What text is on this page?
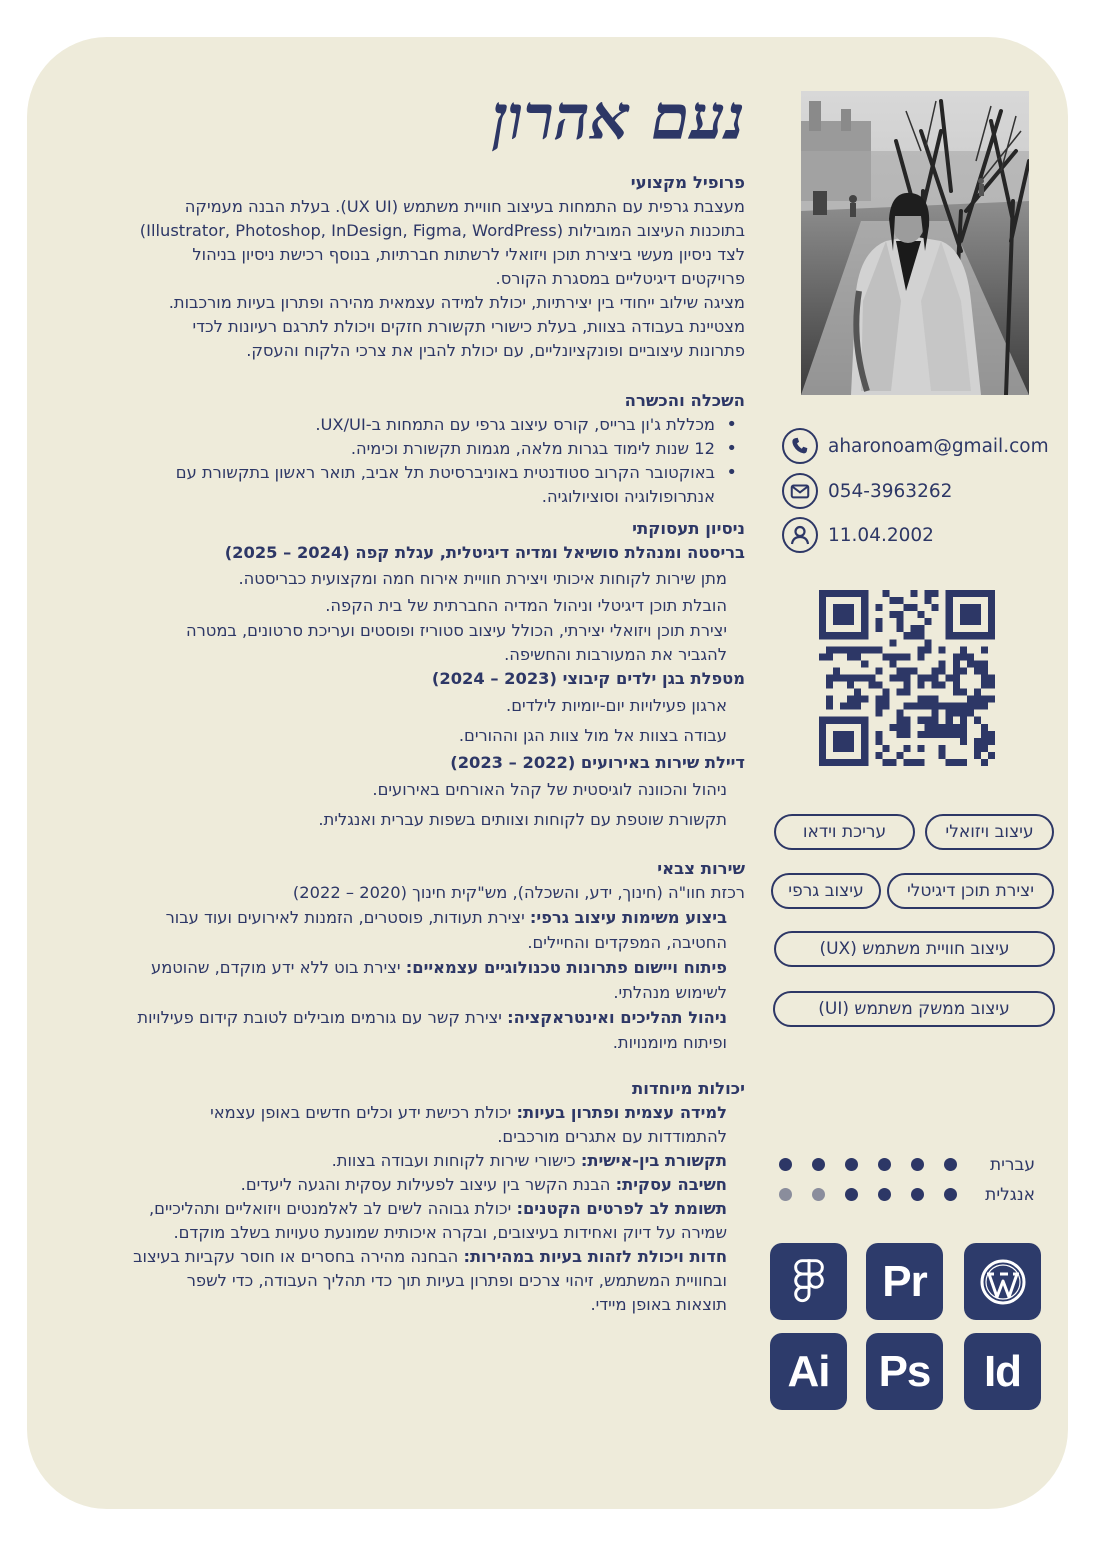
נעם אהרון
פרופיל מקצועי
מעצבת גרפית עם התמחות בעיצוב חוויית משתמש (UX UI). בעלת הבנה מעמיקה
בתוכנות העיצוב המובילות (Illustrator, Photoshop, InDesign, Figma, WordPress)
לצד ניסיון מעשי ביצירת תוכן ויזואלי לרשתות חברתיות, בנוסף רכישת ניסיון בניהול
פרויקטים דיגיטליים במסגרת הקורס.
מציגה שילוב ייחודי בין יצירתיות, יכולת למידה עצמאית מהירה ופתרון בעיות מורכבות.
מצטיינת בעבודה בצוות, בעלת כישורי תקשורת חזקים ויכולת לתרגם רעיונות לכדי
פתרונות עיצוביים ופונקציונליים, עם יכולת להבין את צרכי הלקוח והעסק.
השכלה והכשרה
• מכללת ג'ון ברייס, קורס עיצוב גרפי עם התמחות ב-UX/UI.
• 12 שנות לימוד בגרות מלאה, מגמות תקשורת וכימיה.
• באוקטובר הקרוב סטודנטית באוניברסיטת תל אביב, תואר ראשון בתקשורת עם אנתרופולוגיה וסוציולוגיה.
ניסיון תעסוקתי
בריסטה ומנהלת סושיאל ומדיה דיגיטלית, עגלת קפה (2024 – 2025)
מתן שירות לקוחות איכותי ויצירת חוויית אירוח חמה ומקצועית כבריסטה.
הובלת תוכן דיגיטלי וניהול המדיה החברתית של בית הקפה.
יצירת תוכן ויזואלי יצירתי, הכולל עיצוב סטוריז ופוסטים ועריכת סרטונים, במטרה
להגביר את המעורבות והחשיפה.
מטפלת בגן ילדים קיבוצי (2023 – 2024)
ארגון פעילויות יום-יומיות לילדים.
עבודה בצוות אל מול צוות הגן וההורים.
דיילת שירות באירועים (2022 – 2023)
ניהול והכוונה לוגיסטית של קהל האורחים באירועים.
תקשורת שוטפת עם לקוחות וצוותים בשפות עברית ואנגלית.
שירות צבאי
רכזת חוו"ה (חינוך, ידע, והשכלה), מש"קית חינוך (2020 – 2022)
ביצוע משימות עיצוב גרפי: יצירת תעודות, פוסטרים, הזמנות לאירועים ועוד עבור
החטיבה, המפקדים והחיילים.
פיתוח ויישום פתרונות טכנולוגיים עצמאיים: יצירת בוט ללא ידע מוקדם, שהוטמע
לשימוש מנהלתי.
ניהול תהליכים ואינטראקציה: יצירת קשר עם גורמים מובילים לטובת קידום פעילויות
ופיתוח מיומנויות.
יכולות מיוחדות
למידה עצמית ופתרון בעיות: יכולת רכישת ידע וכלים חדשים באופן עצמאי
להתמודדות עם אתגרים מורכבים.
תקשורת בין-אישית: כישורי שירות לקוחות ועבודה בצוות.
חשיבה עסקית: הבנת הקשר בין עיצוב לפעילות עסקית והגעה ליעדים.
תשומת לב לפרטים הקטנים: יכולת גבוהה לשים לב לאלמנטים ויזואליים ותהליכיים,
שמירה על דיוק ואחידות בעיצובים, ובקרה איכותית שמונעת טעויות בשלב מוקדם.
חדות ויכולת לזהות בעיות במהירות: הבחנה מהירה בחסרים או חוסר עקביות בעיצוב
ובחוויית המשתמש, זיהוי צרכים ופתרון בעיות תוך כדי תהליך העבודה, כדי לשפר
תוצאות באופן מיידי.
aharonoam@gmail.com
054-3963262
11.04.2002
עיצוב ויזואלי
עריכת וידאו
יצירת תוכן דיגיטלי
עיצוב גרפי
עיצוב חוויית משתמש (UX)
עיצוב ממשק משתמש (UI)
עברית
אנגלית
Pr
Ai Ps Id
